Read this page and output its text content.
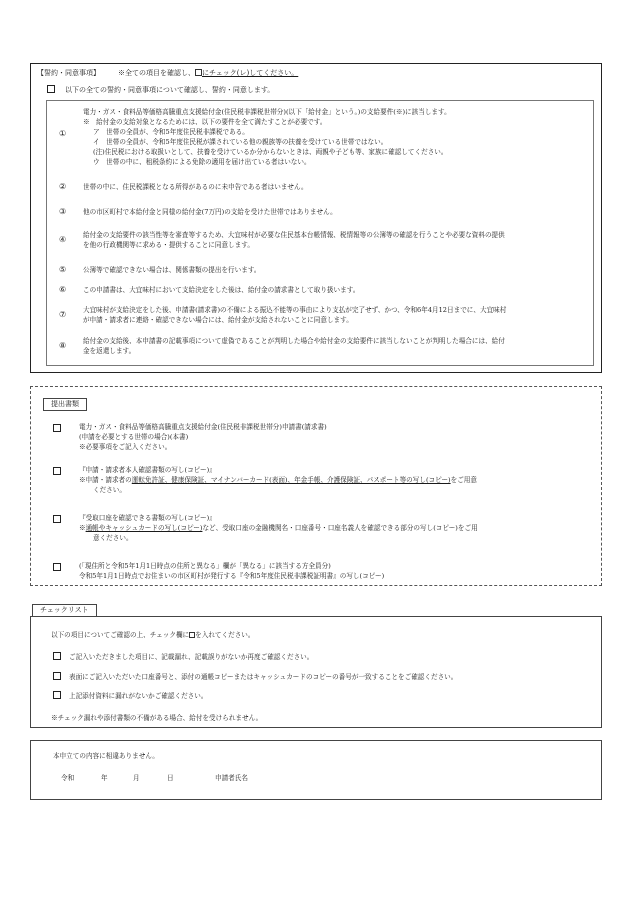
【誓約・同意事項】	※全ての項目を確認し、 にチェック(レ)してください。
以下の全ての誓約・同意事項について確認し、誓約・同意します。
①
電力・ガス・食料品等価格高騰重点支援給付金(住民税非課税世帯分)(以下「給付金」という。)の支給要件(※)に該当します。
※　給付金の支給対象となるためには、以下の要件を全て満たすことが必要です。
ア　世帯の全員が、令和5年度住民税非課税である。
イ　世帯の全員が、令和5年度住民税が課されている他の親族等の扶養を受けている世帯ではない。
(注)住民税における取扱いとして、扶養を受けているか分からないときは、両親や子ども等、家族に確認してください。
ウ　世帯の中に、租税条約による免除の適用を届け出ている者はいない。
②	世帯の中に、住民税課税となる所得があるのに未申告である者はいません。
③	他の市区町村で本給付金と同様の給付金(7万円)の支給を受けた世帯ではありません。
④	給付金の支給要件の該当性等を審査等するため、大宜味村が必要な住民基本台帳情報、税情報等の公簿等の確認を行うことや必要な資料の提供
を他の行政機関等に求める・提供することに同意します。
⑤	公簿等で確認できない場合は、関係書類の提出を行います。
⑥	この申請書は、大宜味村において支給決定をした後は、給付金の請求書として取り扱います。
⑦	大宜味村が支給決定をした後、申請書(請求書)の不備による振込不能等の事由により支払が完了せず、かつ、令和6年4月12日までに、大宜味村
が申請・請求者に連絡・確認できない場合には、給付金が支給されないことに同意します。
⑧	給付金の支給後、本申請書の記載事項について虚偽であることが判明した場合や給付金の支給要件に該当しないことが判明した場合には、給付
金を返還します。
提出書類
電力・ガス・食料品等価格高騰重点支援給付金(住民税非課税世帯分)申請書(請求書)
(申請を必要とする世帯の場合)(本書)
※必要事項をご記入ください。
『申請・請求者本人確認書類の写し(コピー)』
※申請・請求者の運転免許証、健康保険証、マイナンバーカード(表面)、年金手帳、介護保険証、パスポート等の写し(コピー)をご用意
ください。
『受取口座を確認できる書類の写し(コピー)』
※通帳やキャッシュカードの写し(コピー)など、受取口座の金融機関名・口座番号・口座名義人を確認できる部分の写し(コピー)をご用
意ください。
(「現住所と令和5年1月1日時点の住所と異なる」欄が「異なる」に該当する方全員分)
令和5年1月1日時点でお住まいの市区町村が発行する『令和5年度住民税非課税証明書』の写し(コピー)
チェックリスト
以下の項目についてご確認の上、チェック欄に を入れてください。
ご記入いただきました項目に、記載漏れ、記載誤りがないか再度ご確認ください。
表面にご記入いただいた口座番号と、添付の通帳コピーまたはキャッシュカードのコピーの番号が一致することをご確認ください。
上記添付資料に漏れがないかご確認ください。
※チェック漏れや添付書類の不備がある場合、給付を受けられません。
本申立ての内容に相違ありません。
令和	年	月	日	申請者氏名
